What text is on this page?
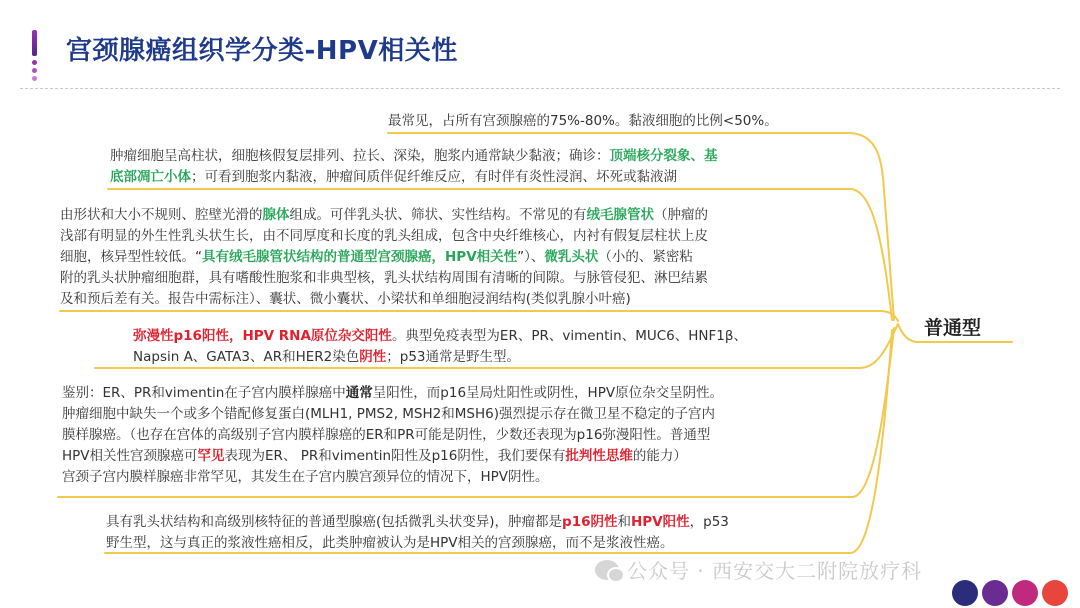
宫颈腺癌组织学分类-HPV相关性
最常见，占所有宫颈腺癌的75%-80%。黏液细胞的比例<50%。
肿瘤细胞呈高柱状，细胞核假复层排列、拉长、深染，胞浆内通常缺少黏液；确诊：顶端核分裂象、基
底部凋亡小体；可看到胞浆内黏液，肿瘤间质伴促纤维反应，有时伴有炎性浸润、坏死或黏液湖
由形状和大小不规则、腔壁光滑的腺体组成。可伴乳头状、筛状、实性结构。不常见的有绒毛腺管状（肿瘤的
浅部有明显的外生性乳头状生长，由不同厚度和长度的乳头组成，包含中央纤维核心，内衬有假复层柱状上皮
细胞，核异型性较低。“具有绒毛腺管状结构的普通型宫颈腺癌，HPV相关性”）、微乳头状（小的、紧密粘
附的乳头状肿瘤细胞群，具有嗜酸性胞浆和非典型核，乳头状结构周围有清晰的间隙。与脉管侵犯、淋巴结累
及和预后差有关。报告中需标注）、囊状、微小囊状、小梁状和单细胞浸润结构(类似乳腺小叶癌)
弥漫性p16阳性，HPV RNA原位杂交阳性。典型免疫表型为ER、PR、vimentin、MUC6、HNF1β、
Napsin A、GATA3、AR和HER2染色阴性；p53通常是野生型。
鉴别：ER、PR和vimentin在子宫内膜样腺癌中通常呈阳性，而p16呈局灶阳性或阴性，HPV原位杂交呈阴性。
肿瘤细胞中缺失一个或多个错配修复蛋白(MLH1, PMS2, MSH2和MSH6)强烈提示存在微卫星不稳定的子宫内
膜样腺癌。（也存在宫体的高级别子宫内膜样腺癌的ER和PR可能是阴性，少数还表现为p16弥漫阳性。普通型
HPV相关性宫颈腺癌可罕见表现为ER、 PR和vimentin阳性及p16阴性，我们要保有批判性思维的能力）
宫颈子宫内膜样腺癌非常罕见，其发生在子宫内膜宫颈异位的情况下，HPV阴性。
具有乳头状结构和高级别核特征的普通型腺癌(包括微乳头状变异)，肿瘤都是p16阴性和HPV阳性，p53
野生型，这与真正的浆液性癌相反，此类肿瘤被认为是HPV相关的宫颈腺癌，而不是浆液性癌。
普通型
公众号 · 西安交大二附院放疗科
